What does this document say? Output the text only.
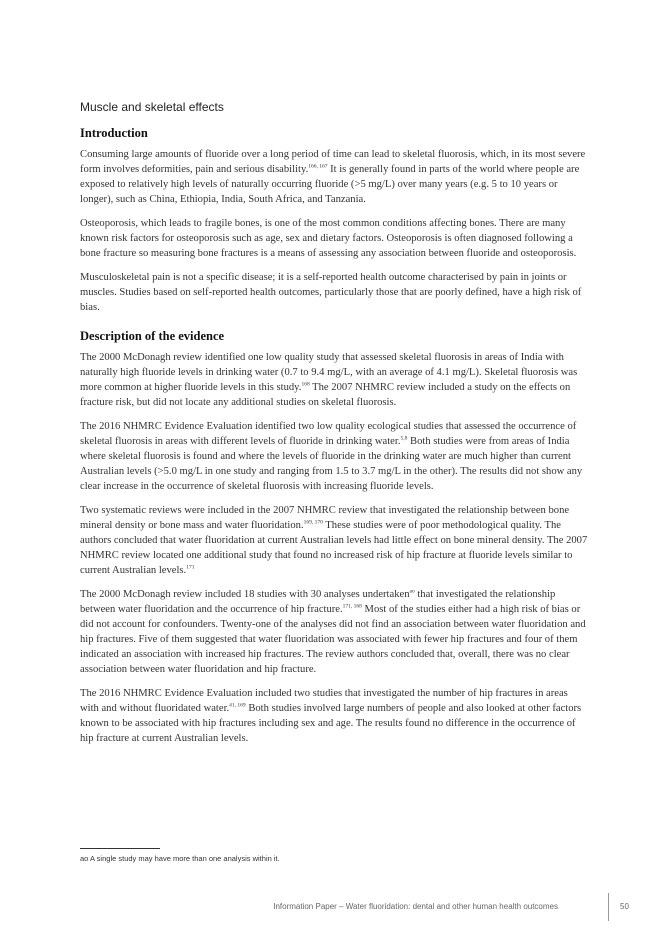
Muscle and skeletal effects
Introduction

Consuming large amounts of fluoride over a long period of time can lead to skeletal fluorosis, which, in its most severe form involves deformities, pain and serious disability.$^{166, 167}$ It is generally found in parts of the world where people are exposed to relatively high levels of naturally occurring fluoride (>5 mg/L) over many years (e.g. 5 to 10 years or longer), such as China, Ethiopia, India, South Africa, and Tanzania.

Osteoporosis, which leads to fragile bones, is one of the most common conditions affecting bones. There are many known risk factors for osteoporosis such as age, sex and dietary factors. Osteoporosis is often diagnosed following a bone fracture so measuring bone fractures is a means of assessing any association between fluoride and osteoporosis.

Musculoskeletal pain is not a specific disease; it is a self-reported health outcome characterised by pain in joints or muscles. Studies based on self-reported health outcomes, particularly those that are poorly defined, have a high risk of bias.

Description of the evidence

The 2000 McDonagh review identified one low quality study that assessed skeletal fluorosis in areas of India with naturally high fluoride levels in drinking water (0.7 to 9.4 mg/L, with an average of 4.1 mg/L). Skeletal fluorosis was more common at higher fluoride levels in this study.$^{168}$ The 2007 NHMRC review included a study on the effects on fracture risk, but did not locate any additional studies on skeletal fluorosis.

The 2016 NHMRC Evidence Evaluation identified two low quality ecological studies that assessed the occurrence of skeletal fluorosis in areas with different levels of fluoride in drinking water.$^{5,8}$ Both studies were from areas of India where skeletal fluorosis is found and where the levels of fluoride in the drinking water are much higher than current Australian levels (>5.0 mg/L in one study and ranging from 1.5 to 3.7 mg/L in the other). The results did not show any clear increase in the occurrence of skeletal fluorosis with increasing fluoride levels.

Two systematic reviews were included in the 2007 NHMRC review that investigated the relationship between bone mineral density or bone mass and water fluoridation.$^{169, 170}$ These studies were of poor methodological quality. The authors concluded that water fluoridation at current Australian levels had little effect on bone mineral density. The 2007 NHMRC review located one additional study that found no increased risk of hip fracture at fluoride levels similar to current Australian levels.$^{171}$

The 2000 McDonagh review included 18 studies with 30 analyses undertaken$^{ao}$ that investigated the relationship between water fluoridation and the occurrence of hip fracture.$^{171, 168}$ Most of the studies either had a high risk of bias or did not account for confounders. Twenty-one of the analyses did not find an association between water fluoridation and hip fractures. Five of them suggested that water fluoridation was associated with fewer hip fractures and four of them indicated an association with increased hip fractures. The review authors concluded that, overall, there was no clear association between water fluoridation and hip fracture.

The 2016 NHMRC Evidence Evaluation included two studies that investigated the number of hip fractures in areas with and without fluoridated water.$^{41, 169}$ Both studies involved large numbers of people and also looked at other factors known to be associated with hip fractures including sex and age. The results found no difference in the occurrence of hip fracture at current Australian levels.

ao A single study may have more than one analysis within it.
Information Paper – Water fluoridation: dental and other human health outcomes	50
